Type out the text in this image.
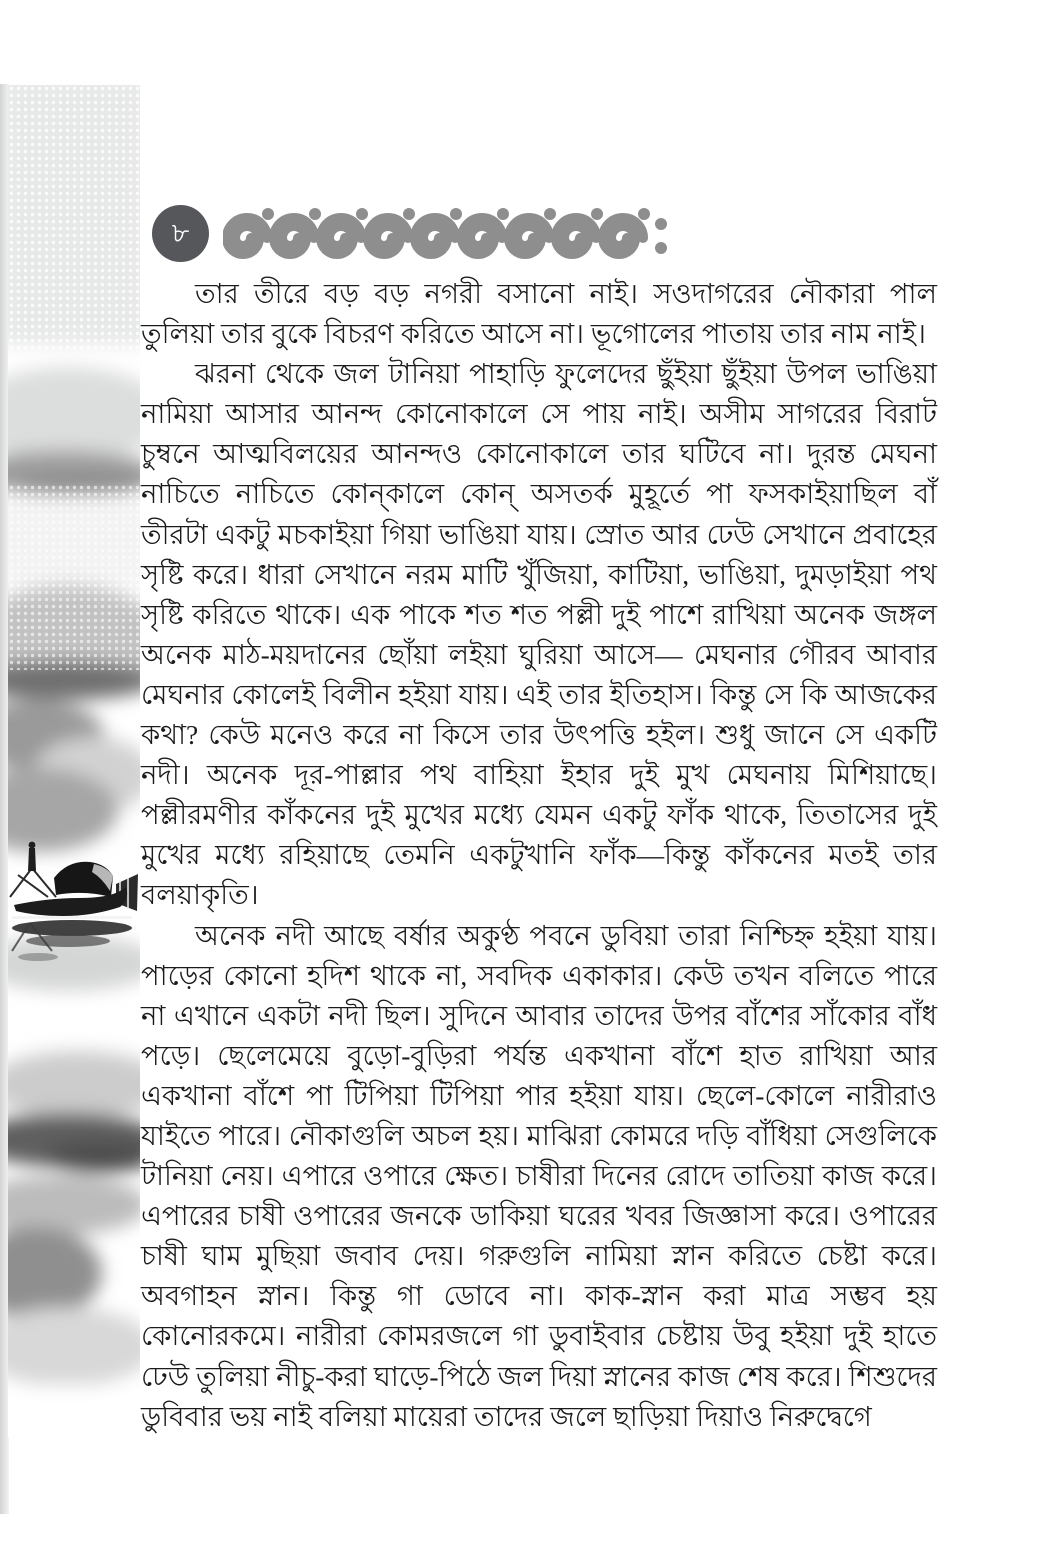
৮

তার তীরে বড় বড় নগরী বসানো নাই। সওদাগরের নৌকারা পাল তুলিয়া তার বুকে বিচরণ করিতে আসে না। ভূগোলের পাতায় তার নাম নাই।

ঝরনা থেকে জল টানিয়া পাহাড়ি ফুলেদের ছুঁইয়া ছুঁইয়া উপল ভাঙিয়া নামিয়া আসার আনন্দ কোনোকালে সে পায় নাই। অসীম সাগরের বিরাট চুম্বনে আত্মবিলয়ের আনন্দও কোনোকালে তার ঘটিবে না। দুরন্ত মেঘনা নাচিতে নাচিতে কোন্‌কালে কোন্ অসতর্ক মুহূর্তে পা ফসকাইয়াছিল বাঁ তীরটা একটু মচকাইয়া গিয়া ভাঙিয়া যায়। স্রোত আর ঢেউ সেখানে প্রবাহের সৃষ্টি করে। ধারা সেখানে নরম মাটি খুঁজিয়া, কাটিয়া, ভাঙিয়া, দুমড়াইয়া পথ সৃষ্টি করিতে থাকে। এক পাকে শত শত পল্লী দুই পাশে রাখিয়া অনেক জঙ্গল অনেক মাঠ-ময়দানের ছোঁয়া লইয়া ঘুরিয়া আসে— মেঘনার গৌরব আবার মেঘনার কোলেই বিলীন হইয়া যায়। এই তার ইতিহাস। কিন্তু সে কি আজকের কথা? কেউ মনেও করে না কিসে তার উৎপত্তি হইল। শুধু জানে সে একটি নদী। অনেক দূর-পাল্লার পথ বাহিয়া ইহার দুই মুখ মেঘনায় মিশিয়াছে। পল্লীরমণীর কাঁকনের দুই মুখের মধ্যে যেমন একটু ফাঁক থাকে, তিতাসের দুই মুখের মধ্যে রহিয়াছে তেমনি একটুখানি ফাঁক—কিন্তু কাঁকনের মতই তার বলয়াকৃতি।

অনেক নদী আছে বর্ষার অকুণ্ঠ পবনে ডুবিয়া তারা নিশ্চিহ্ন হইয়া যায়। পাড়ের কোনো হদিশ থাকে না, সবদিক একাকার। কেউ তখন বলিতে পারে না এখানে একটা নদী ছিল। সুদিনে আবার তাদের উপর বাঁশের সাঁকোর বাঁধ পড়ে। ছেলেমেয়ে বুড়ো-বুড়িরা পর্যন্ত একখানা বাঁশে হাত রাখিয়া আর একখানা বাঁশে পা টিপিয়া টিপিয়া পার হইয়া যায়। ছেলে-কোলে নারীরাও যাইতে পারে। নৌকাগুলি অচল হয়। মাঝিরা কোমরে দড়ি বাঁধিয়া সেগুলিকে টানিয়া নেয়। এপারে ওপারে ক্ষেত। চাষীরা দিনের রোদে তাতিয়া কাজ করে। এপারের চাষী ওপারের জনকে ডাকিয়া ঘরের খবর জিজ্ঞাসা করে। ওপারের চাষী ঘাম মুছিয়া জবাব দেয়। গরুগুলি নামিয়া স্নান করিতে চেষ্টা করে। অবগাহন স্নান। কিন্তু গা ডোবে না। কাক-স্নান করা মাত্র সম্ভব হয় কোনোরকমে। নারীরা কোমরজলে গা ডুবাইবার চেষ্টায় উবু হইয়া দুই হাতে ঢেউ তুলিয়া নীচু-করা ঘাড়ে-পিঠে জল দিয়া স্নানের কাজ শেষ করে। শিশুদের ডুবিবার ভয় নাই বলিয়া মায়েরা তাদের জলে ছাড়িয়া দিয়াও নিরুদ্বেগে
